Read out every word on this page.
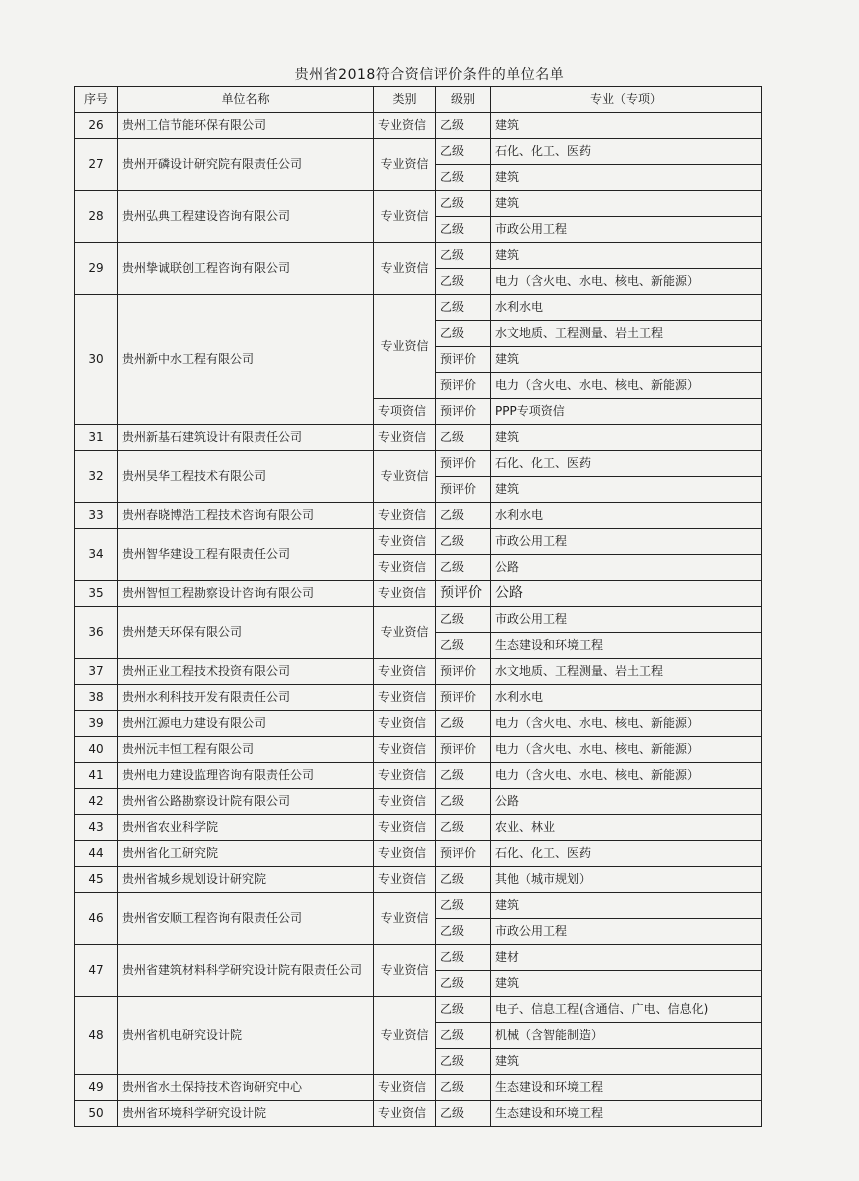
贵州省2018符合资信评价条件的单位名单
序号	单位名称	类别	级别	专业（专项）
26	贵州工信节能环保有限公司	专业资信	乙级	建筑
27	贵州开磷设计研究院有限责任公司	专业资信	乙级	石化、化工、医药
			乙级	建筑
28	贵州弘典工程建设咨询有限公司	专业资信	乙级	建筑
			乙级	市政公用工程
29	贵州挚诚联创工程咨询有限公司	专业资信	乙级	建筑
			乙级	电力（含火电、水电、核电、新能源）
30	贵州新中水工程有限公司	专业资信	乙级	水利水电
			乙级	水文地质、工程测量、岩土工程
			预评价	建筑
			预评价	电力（含火电、水电、核电、新能源）
		专项资信	预评价	PPP专项资信
31	贵州新基石建筑设计有限责任公司	专业资信	乙级	建筑
32	贵州昊华工程技术有限公司	专业资信	预评价	石化、化工、医药
			预评价	建筑
33	贵州春晓博浩工程技术咨询有限公司	专业资信	乙级	水利水电
34	贵州智华建设工程有限责任公司	专业资信	乙级	市政公用工程
		专业资信	乙级	公路
35	贵州智恒工程勘察设计咨询有限公司	专业资信	预评价	公路
36	贵州楚天环保有限公司	专业资信	乙级	市政公用工程
			乙级	生态建设和环境工程
37	贵州正业工程技术投资有限公司	专业资信	预评价	水文地质、工程测量、岩土工程
38	贵州水利科技开发有限责任公司	专业资信	预评价	水利水电
39	贵州江源电力建设有限公司	专业资信	乙级	电力（含火电、水电、核电、新能源）
40	贵州沅丰恒工程有限公司	专业资信	预评价	电力（含火电、水电、核电、新能源）
41	贵州电力建设监理咨询有限责任公司	专业资信	乙级	电力（含火电、水电、核电、新能源）
42	贵州省公路勘察设计院有限公司	专业资信	乙级	公路
43	贵州省农业科学院	专业资信	乙级	农业、林业
44	贵州省化工研究院	专业资信	预评价	石化、化工、医药
45	贵州省城乡规划设计研究院	专业资信	乙级	其他（城市规划）
46	贵州省安顺工程咨询有限责任公司	专业资信	乙级	建筑
			乙级	市政公用工程
47	贵州省建筑材料科学研究设计院有限责任公司	专业资信	乙级	建材
			乙级	建筑
48	贵州省机电研究设计院	专业资信	乙级	电子、信息工程(含通信、广电、信息化)
			乙级	机械（含智能制造）
			乙级	建筑
49	贵州省水土保持技术咨询研究中心	专业资信	乙级	生态建设和环境工程
50	贵州省环境科学研究设计院	专业资信	乙级	生态建设和环境工程
